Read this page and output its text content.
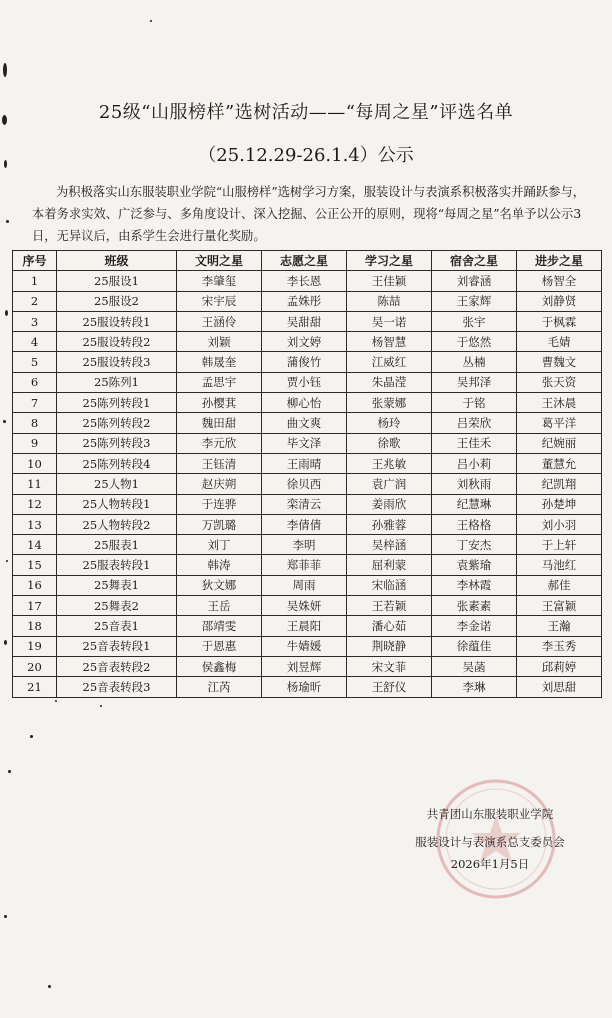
25级“山服榜样”选树活动——“每周之星”评选名单
（25.12.29-26.1.4）公示
为积极落实山东服装职业学院“山服榜样”选树学习方案，服装设计与表演系积极落实并踊跃参与，本着务求实效、广泛参与、多角度设计、深入挖掘、公正公开的原则，现将“每周之星”名单予以公示3日，无异议后，由系学生会进行量化奖励。
序号	班级	文明之星	志愿之星	学习之星	宿舍之星	进步之星
1	25服设1	李肇玺	李长恩	王佳颖	刘睿涵	杨智全
2	25服设2	宋宇辰	孟姝彤	陈喆	王家辉	刘静贤
3	25服设转段1	王涵伶	吴甜甜	吴一诺	张宇	于枫霖
4	25服设转段2	刘颖	刘文婷	杨智慧	于悠然	毛婧
5	25服设转段3	韩晟奎	蒲俊竹	江威红	丛楠	曹魏文
6	25陈列1	孟思宇	贾小钰	朱晶滢	吴邦泽	张天资
7	25陈列转段1	孙樱萁	柳心怡	张蒙娜	于铭	王沐晨
8	25陈列转段2	魏田甜	曲文爽	杨玲	吕荣欣	葛平洋
9	25陈列转段3	李元欣	毕文泽	徐歌	王佳禾	纪婉丽
10	25陈列转段4	王钰清	王雨晴	王兆敏	吕小莉	董慧允
11	25人物1	赵庆朔	徐贝西	袁广润	刘秋雨	纪凯翔
12	25人物转段1	于连骅	栾清云	姜雨欣	纪慧琳	孙楚坤
13	25人物转段2	万凯璐	李倩倩	孙雅蓉	王格格	刘小羽
14	25服表1	刘丁	李明	吴梓涵	丁安杰	于上轩
15	25服表转段1	韩涛	郑菲菲	屈利蒙	袁紫瑜	马池红
16	25舞表1	狄文娜	周雨	宋临涵	李林霞	郝佳
17	25舞表2	王岳	吴姝妍	王若颖	张素素	王富颖
18	25音表1	邵靖雯	王晨阳	潘心茹	李金诺	王瀚
19	25音表转段1	于恩惠	牛婧媛	荆晓静	徐蕴佳	李玉秀
20	25音表转段2	侯鑫梅	刘昱辉	宋文菲	吴菡	邱莉婷
21	25音表转段3	江芮	杨瑜昕	王舒仪	李琳	刘思甜
共青团山东服装职业学院
服装设计与表演系总支委员会
2026年1月5日
